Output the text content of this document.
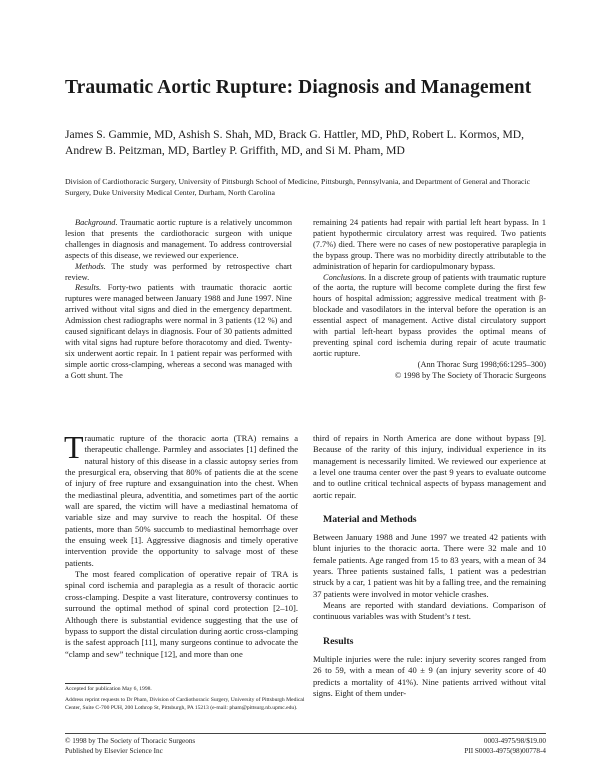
Traumatic Aortic Rupture: Diagnosis and Management
James S. Gammie, MD, Ashish S. Shah, MD, Brack G. Hattler, MD, PhD, Robert L. Kormos, MD, Andrew B. Peitzman, MD, Bartley P. Griffith, MD, and Si M. Pham, MD
Division of Cardiothoracic Surgery, University of Pittsburgh School of Medicine, Pittsburgh, Pennsylvania, and Department of General and Thoracic Surgery, Duke University Medical Center, Durham, North Carolina

Background. Traumatic aortic rupture is a relatively uncommon lesion that presents the cardiothoracic surgeon with unique challenges in diagnosis and management. To address controversial aspects of this disease, we reviewed our experience.

Methods. The study was performed by retrospective chart review.

Results. Forty-two patients with traumatic thoracic aortic ruptures were managed between January 1988 and June 1997. Nine arrived without vital signs and died in the emergency department. Admission chest radiographs were normal in 3 patients (12 %) and caused significant delays in diagnosis. Four of 30 patients admitted with vital signs had rupture before thoracotomy and died. Twenty-six underwent aortic repair. In 1 patient repair was performed with simple aortic cross-clamping, whereas a second was managed with a Gott shunt. The

remaining 24 patients had repair with partial left heart bypass. In 1 patient hypothermic circulatory arrest was required. Two patients (7.7%) died. There were no cases of new postoperative paraplegia in the bypass group. There was no morbidity directly attributable to the administration of heparin for cardiopulmonary bypass.

Conclusions. In a discrete group of patients with traumatic rupture of the aorta, the rupture will become complete during the first few hours of hospital admission; aggressive medical treatment with β-blockade and vasodilators in the interval before the operation is an essential aspect of management. Active distal circulatory support with partial left-heart bypass provides the optimal means of preventing spinal cord ischemia during repair of acute traumatic aortic rupture.

(Ann Thorac Surg 1998;66:1295–300)

© 1998 by The Society of Thoracic Surgeons

Traumatic rupture of the thoracic aorta (TRA) remains a therapeutic challenge. Parmley and associates [1] defined the natural history of this disease in a classic autopsy series from the presurgical era, observing that 80% of patients die at the scene of injury of free rupture and exsanguination into the chest. When the mediastinal pleura, adventitia, and sometimes part of the aortic wall are spared, the victim will have a mediastinal hematoma of variable size and may survive to reach the hospital. Of these patients, more than 50% succumb to mediastinal hemorrhage over the ensuing week [1]. Aggressive diagnosis and timely operative intervention provide the opportunity to salvage most of these patients.

The most feared complication of operative repair of TRA is spinal cord ischemia and paraplegia as a result of thoracic aortic cross-clamping. Despite a vast literature, controversy continues to surround the optimal method of spinal cord protection [2–10]. Although there is substantial evidence suggesting that the use of bypass to support the distal circulation during aortic cross-clamping is the safest approach [11], many surgeons continue to advocate the “clamp and sew” technique [12], and more than one

third of repairs in North America are done without bypass [9]. Because of the rarity of this injury, individual experience in its management is necessarily limited. We reviewed our experience at a level one trauma center over the past 9 years to evaluate outcome and to outline critical technical aspects of bypass management and aortic repair.

Material and Methods

Between January 1988 and June 1997 we treated 42 patients with blunt injuries to the thoracic aorta. There were 32 male and 10 female patients. Age ranged from 15 to 83 years, with a mean of 34 years. Three patients sustained falls, 1 patient was a pedestrian struck by a car, 1 patient was hit by a falling tree, and the remaining 37 patients were involved in motor vehicle crashes.

Means are reported with standard deviations. Comparison of continuous variables was with Student’s t test.

Results

Multiple injuries were the rule: injury severity scores ranged from 26 to 59, with a mean of 40 ± 9 (an injury severity score of 40 predicts a mortality of 41%). Nine patients arrived without vital signs. Eight of them under-

Accepted for publication May 6, 1998.

Address reprint requests to Dr Pham, Division of Cardiothoracic Surgery, University of Pittsburgh Medical Center, Suite C-700 PUH, 200 Lothrop St, Pittsburgh, PA 15213 (e-mail: pham@pittsurg.nb.upmc.edu).

© 1998 by The Society of Thoracic Surgeons
Published by Elsevier Science Inc
0003-4975/98/$19.00
PII S0003-4975(98)00778-4
